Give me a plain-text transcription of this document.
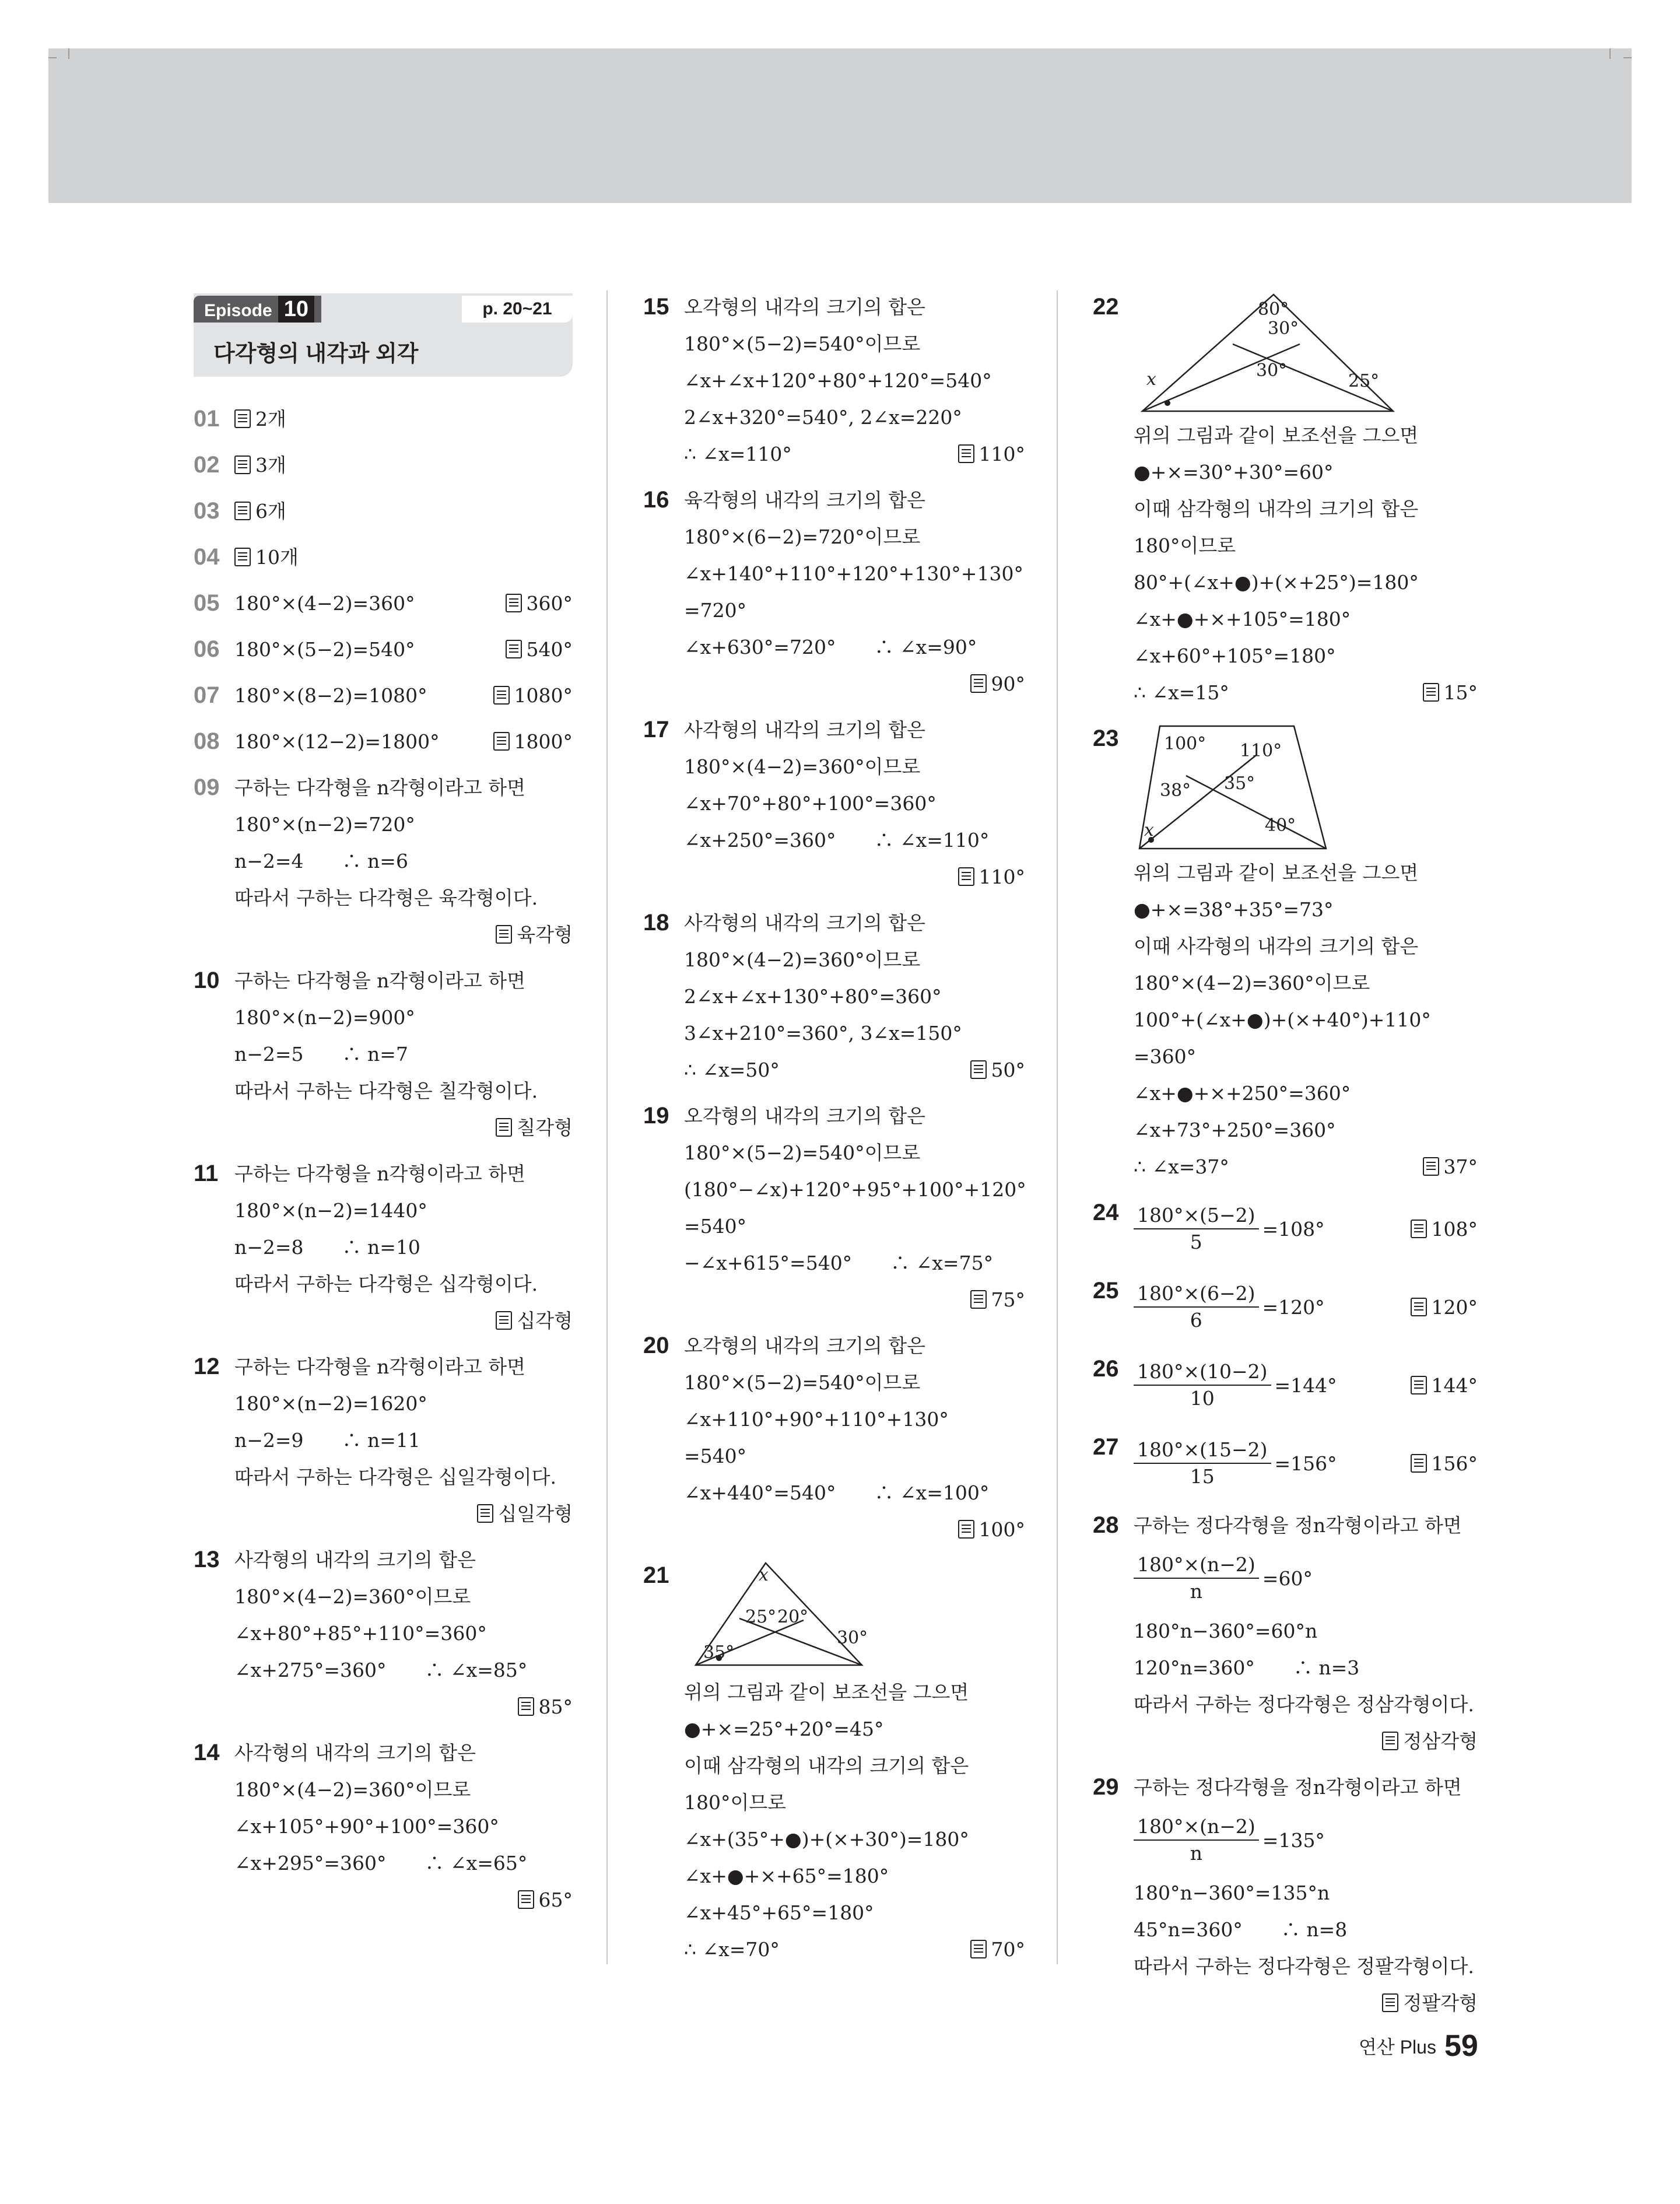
Episode 10	p. 20~21
다각형의 내각과 외각
01	2개
02	3개
03	6개
04	10개
05 180°×(4−2)=360°	360°
06 180°×(5−2)=540°	540°
07 180°×(8−2)=1080°	1080°
08 180°×(12−2)=1800°	1800°
09 구하는 다각형을 n각형이라고 하면
180°×(n−2)=720°
n−2=4　　∴ n=6
따라서 구하는 다각형은 육각형이다.
육각형
10 구하는 다각형을 n각형이라고 하면
180°×(n−2)=900°
n−2=5　　∴ n=7
따라서 구하는 다각형은 칠각형이다.
칠각형
11 구하는 다각형을 n각형이라고 하면
180°×(n−2)=1440°
n−2=8　　∴ n=10
따라서 구하는 다각형은 십각형이다.
십각형
12 구하는 다각형을 n각형이라고 하면
180°×(n−2)=1620°
n−2=9　　∴ n=11
따라서 구하는 다각형은 십일각형이다.
십일각형
13 사각형의 내각의 크기의 합은
180°×(4−2)=360°이므로
∠x+80°+85°+110°=360°
∠x+275°=360°　　∴ ∠x=85°
85°
14 사각형의 내각의 크기의 합은
180°×(4−2)=360°이므로
∠x+105°+90°+100°=360°
∠x+295°=360°　　∴ ∠x=65°
65°
15 오각형의 내각의 크기의 합은
180°×(5−2)=540°이므로
∠x+∠x+120°+80°+120°=540°
2∠x+320°=540°, 2∠x=220°
∴ ∠x=110°	110°
16 육각형의 내각의 크기의 합은
180°×(6−2)=720°이므로
∠x+140°+110°+120°+130°+130°
=720°
∠x+630°=720°　　∴ ∠x=90°
90°
17 사각형의 내각의 크기의 합은
180°×(4−2)=360°이므로
∠x+70°+80°+100°=360°
∠x+250°=360°　　∴ ∠x=110°
110°
18 사각형의 내각의 크기의 합은
180°×(4−2)=360°이므로
2∠x+∠x+130°+80°=360°
3∠x+210°=360°, 3∠x=150°
∴ ∠x=50°	50°
19 오각형의 내각의 크기의 합은
180°×(5−2)=540°이므로
(180°−∠x)+120°+95°+100°+120°
=540°
−∠x+615°=540°　　∴ ∠x=75°
75°
20 오각형의 내각의 크기의 합은
180°×(5−2)=540°이므로
∠x+110°+90°+110°+130°
=540°
∠x+440°=540°　　∴ ∠x=100°
100°
21	x
25° 20°
35°
30°
위의 그림과 같이 보조선을 그으면
●+×=25°+20°=45°
이때 삼각형의 내각의 크기의 합은
180°이므로
∠x+(35°+●)+(×+30°)=180°
∠x+●+×+65°=180°
∠x+45°+65°=180°
∴ ∠x=70°	70°
22	80°
30°
30°
x	25°
위의 그림과 같이 보조선을 그으면
●+×=30°+30°=60°
이때 삼각형의 내각의 크기의 합은
180°이므로
80°+(∠x+●)+(×+25°)=180°
∠x+●+×+105°=180°
∠x+60°+105°=180°
∴ ∠x=15°	15°
23	100° 110°
38° 35°
40°
x
위의 그림과 같이 보조선을 그으면
●+×=38°+35°=73°
이때 사각형의 내각의 크기의 합은
180°×(4−2)=360°이므로
100°+(∠x+●)+(×+40°)+110°
=360°
∠x+●+×+250°=360°
∠x+73°+250°=360°
∴ ∠x=37°	37°
$24 \frac{180^\circ\times(5-2)}{5} =108^\circ$	108°
$25 \frac{180^\circ\times(6-2)}{6} =120^\circ$	120°
$26 \frac{180^\circ\times(10-2)}{10} =144^\circ$	144°
$27 \frac{180^\circ\times(15-2)}{15} =156^\circ$	156°
28 구하는 정다각형을 정n각형이라고 하면
$\frac{180^\circ\times(n-2)}{n} =60^\circ$
180°n−360°=60°n
120°n=360°　　∴ n=3
따라서 구하는 정다각형은 정삼각형이다.
정삼각형
29 구하는 정다각형을 정n각형이라고 하면
$\frac{180^\circ\times(n-2)}{n} =135^\circ$
180°n−360°=135°n
45°n=360°　　∴ n=8
따라서 구하는 정다각형은 정팔각형이다.
정팔각형
연산 Plus 59
